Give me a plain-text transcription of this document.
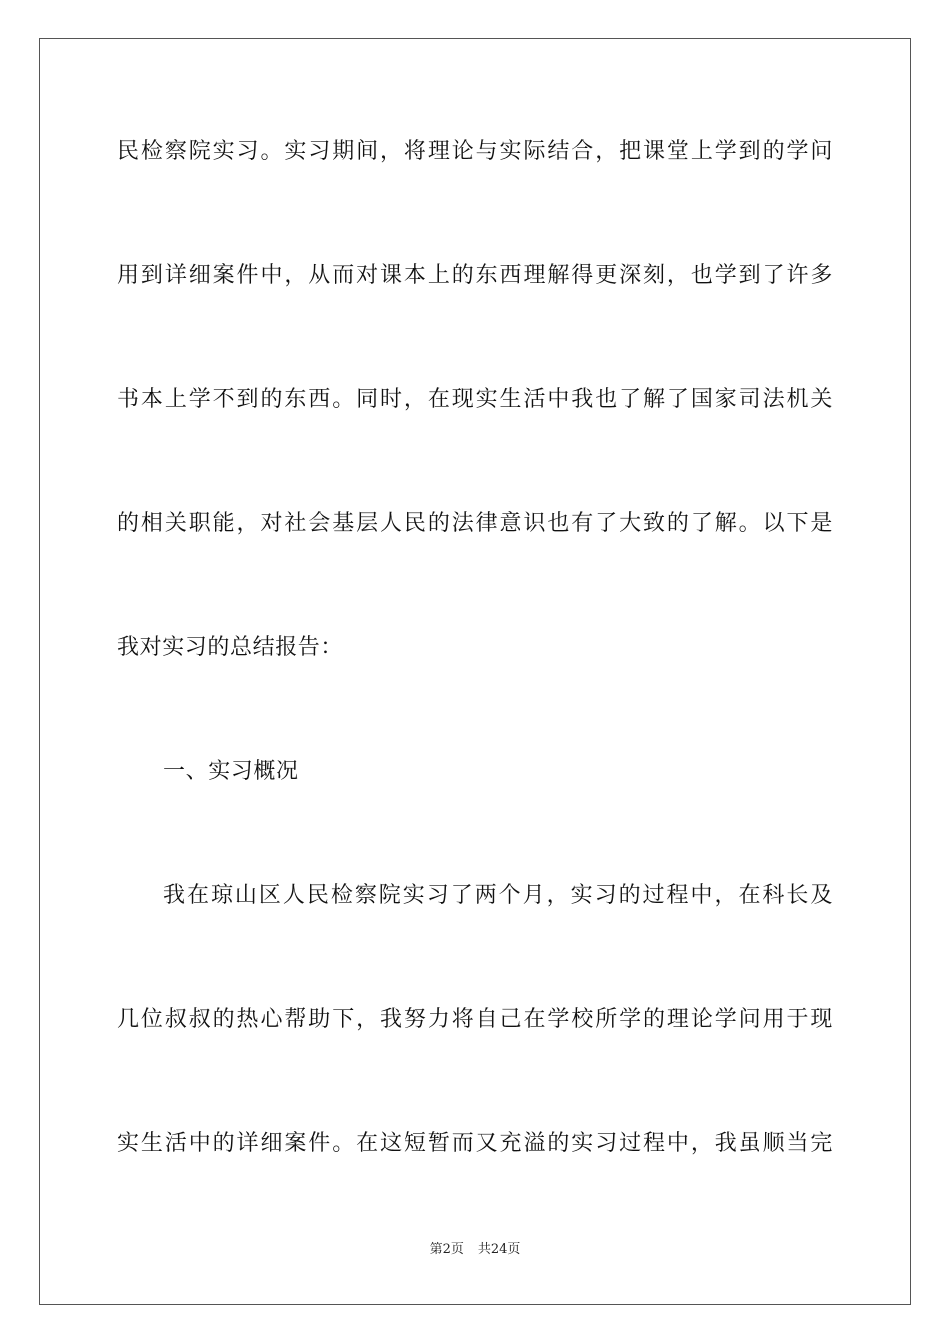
民检察院实习。实习期间，将理论与实际结合，把课堂上学到的学问
用到详细案件中，从而对课本上的东西理解得更深刻，也学到了许多
书本上学不到的东西。同时，在现实生活中我也了解了国家司法机关
的相关职能，对社会基层人民的法律意识也有了大致的了解。以下是
我对实习的总结报告：
一、实习概况
我在琼山区人民检察院实习了两个月，实习的过程中，在科长及
几位叔叔的热心帮助下，我努力将自己在学校所学的理论学问用于现
实生活中的详细案件。在这短暂而又充溢的实习过程中，我虽顺当完
第2页 共24页
